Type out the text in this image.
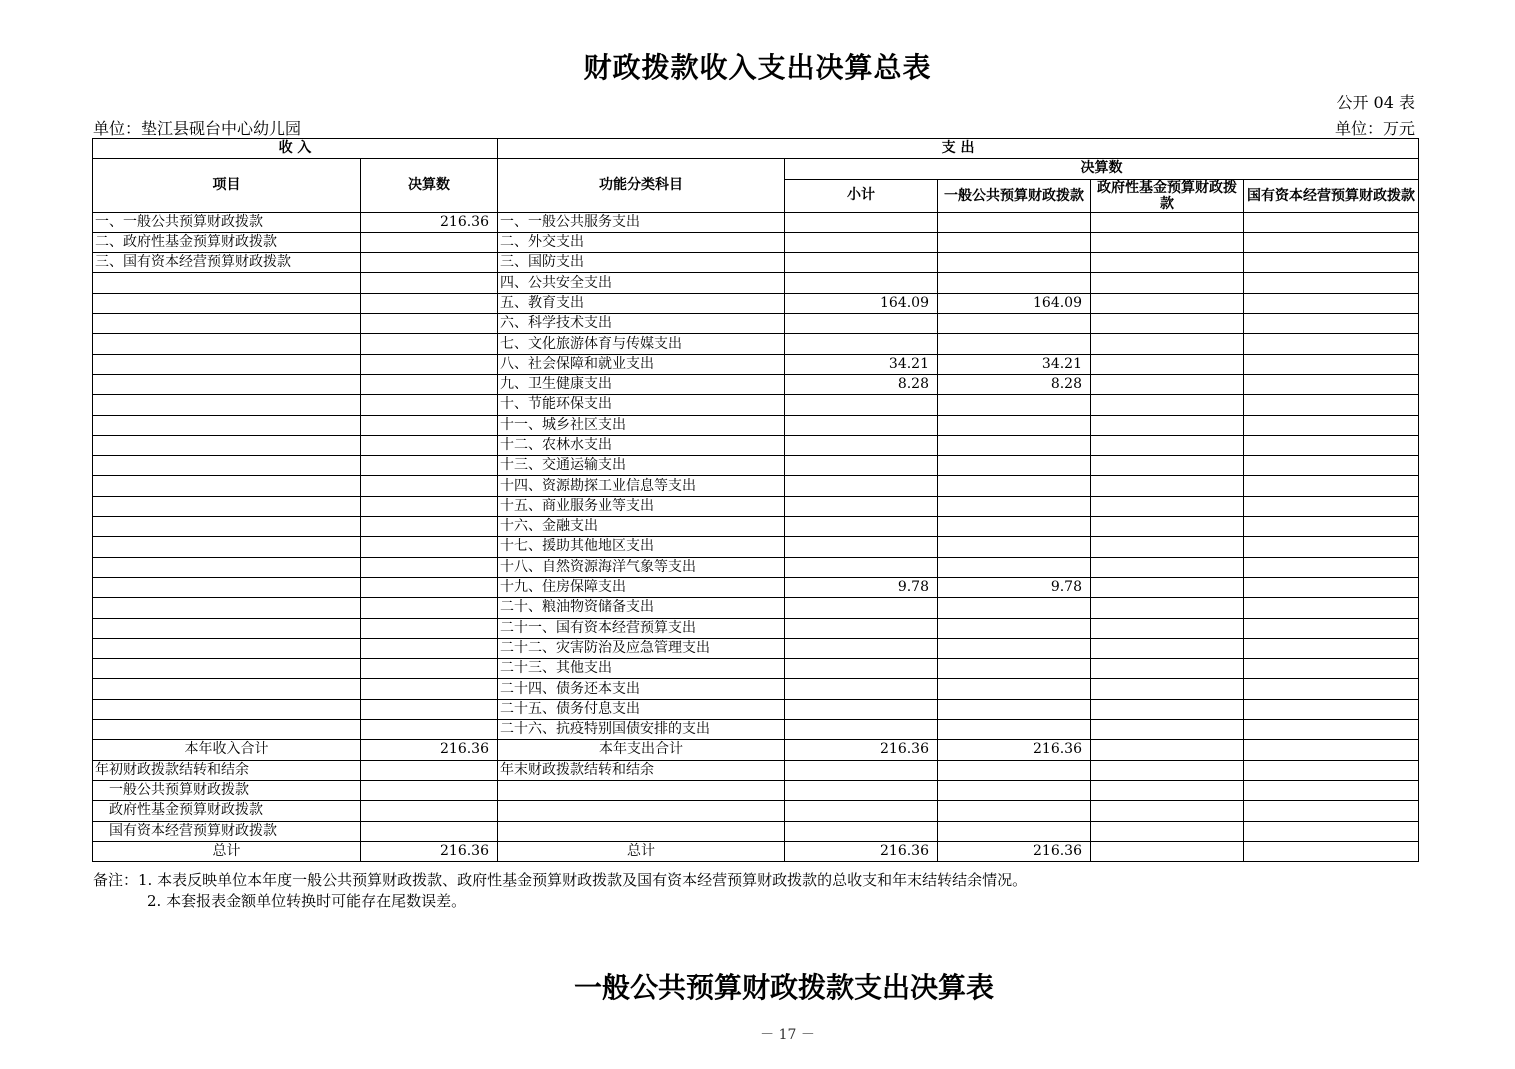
财政拨款收入支出决算总表
公开 04 表
单位：垫江县砚台中心幼儿园	单位：万元
收 入		支 出				
项目	决算数	功能分类科目	决算数			
			小计	一般公共预算财政拨款	政府性基金预算财政拨款	国有资本经营预算财政拨款

一、一般公共预算财政拨款	216.36	一、一般公共服务支出				
二、政府性基金预算财政拨款		二、外交支出				
三、国有资本经营预算财政拨款		三、国防支出				
		四、公共安全支出				
		五、教育支出	164.09	164.09		
		六、科学技术支出				
		七、文化旅游体育与传媒支出				
		八、社会保障和就业支出	34.21	34.21		
		九、卫生健康支出	8.28	8.28		
		十、节能环保支出				
		十一、城乡社区支出				
		十二、农林水支出				
		十三、交通运输支出				
		十四、资源勘探工业信息等支出				
		十五、商业服务业等支出				
		十六、金融支出				
		十七、援助其他地区支出				
		十八、自然资源海洋气象等支出				
		十九、住房保障支出	9.78	9.78		
		二十、粮油物资储备支出				
		二十一、国有资本经营预算支出				
		二十二、灾害防治及应急管理支出				
		二十三、其他支出				
		二十四、债务还本支出				
		二十五、债务付息支出				
		二十六、抗疫特别国债安排的支出				
本年收入合计	216.36	本年支出合计	216.36	216.36		
年初财政拨款结转和结余		年末财政拨款结转和结余				
一般公共预算财政拨款						
政府性基金预算财政拨款						
国有资本经营预算财政拨款						
总计	216.36	总计	216.36	216.36		
备注：1. 本表反映单位本年度一般公共预算财政拨款、政府性基金预算财政拨款及国有资本经营预算财政拨款的总收支和年末结转结余情况。
2. 本套报表金额单位转换时可能存在尾数误差。
一般公共预算财政拨款支出决算表
－ 17 －
